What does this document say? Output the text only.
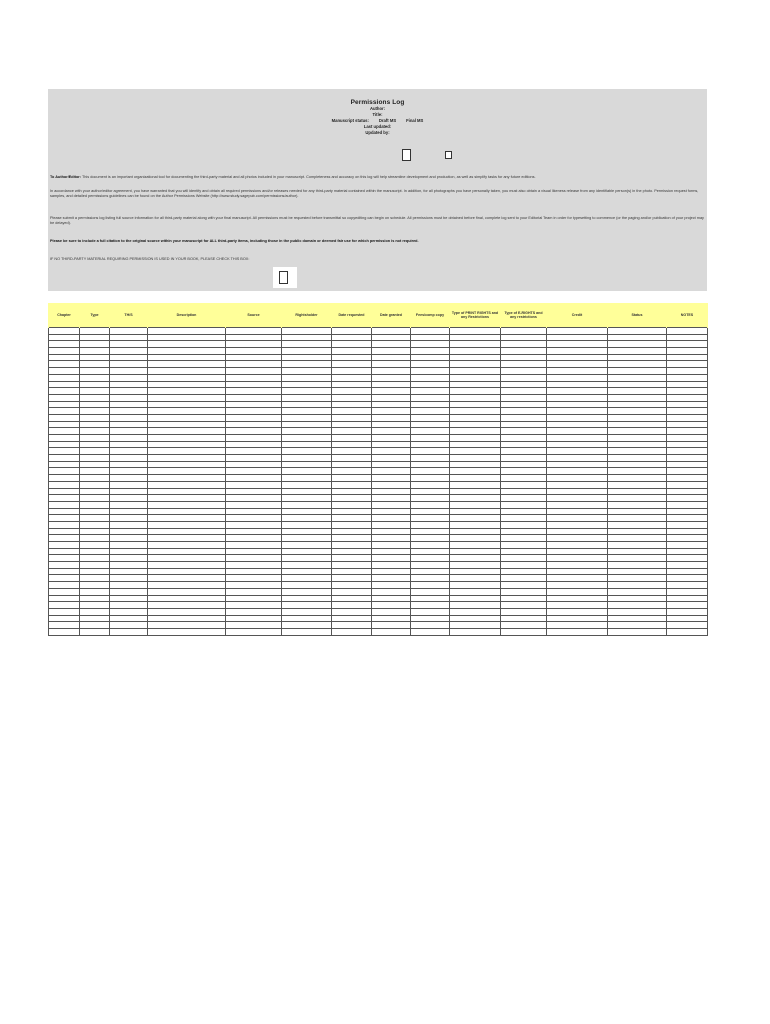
Permissions Log
Author:
Title:
Manuscript status: Draft MS Final MS
Last updated:
Updated by:
To Author/Editor: This document is an important organizational tool for documenting the third-party material and all photos included in your manuscript. Completeness and accuracy on this log will help streamline development and production, as well as simplify tasks for any future editions.
In accordance with your author/editor agreement, you have warranted that you will identify and obtain all required permissions and/or releases needed for any third-party material contained within the manuscript. In addition, for all photographs you have personally taken, you must also obtain a visual likeness release from any identifiable person(s) in the photo. Permission request forms, samples, and detailed permissions guidelines can be found on the Author Permissions Website (http://www.study.sagepub.com/permissions/author).
Please submit a permissions log listing full source information for all third-party material along with your final manuscript. All permissions must be requested before transmittal so copyediting can begin on schedule. All permissions must be obtained before final, complete log sent to your Editorial Team in order for typesetting to commence (or the paging and/or publication of your project may be delayed).
Please be sure to include a full citation to the original source within your manuscript for ALL third-party items, including those in the public domain or deemed fair use for which permission is not required.
IF NO THIRD-PARTY MATERIAL REQUIRING PERMISSION IS USED IN YOUR BOOK, PLEASE CHECK THIS BOX:
Chapter	Type	TH/S	Description	Source	Rightsholder	Date requested	Date granted	Fees/comp copy	Type of PRINT RIGHTS and any Restrictions	Type of E-RIGHTS and any restrictions	Credit	Status	NOTES
